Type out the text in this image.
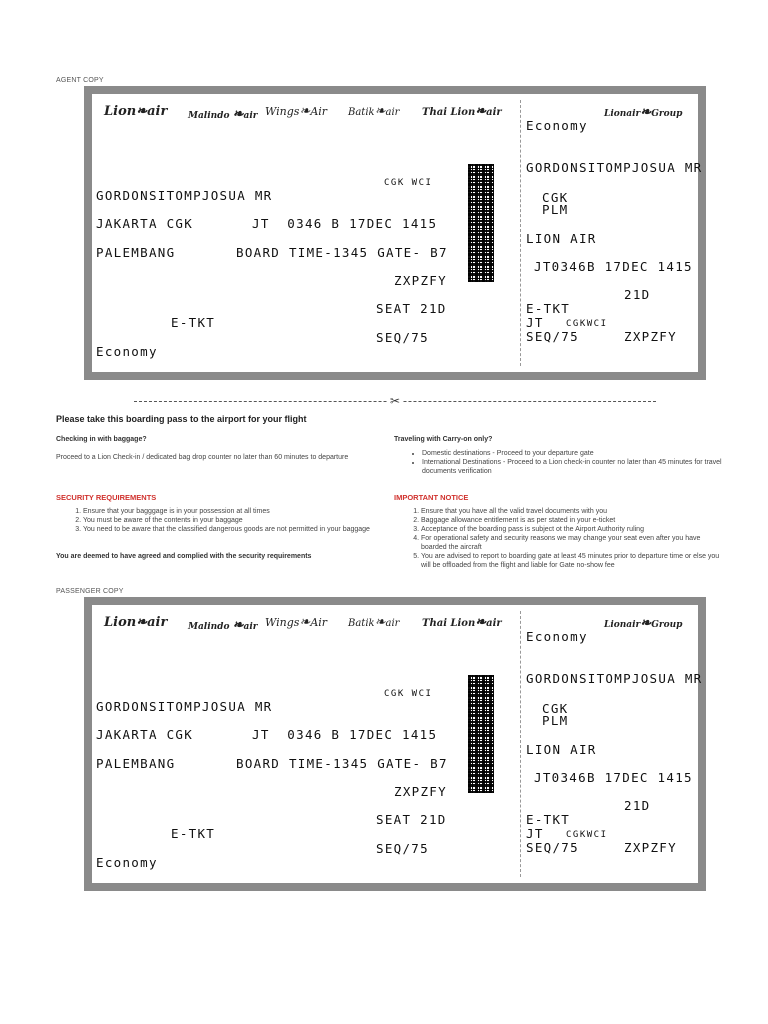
AGENT COPY
Lion❧air Malindo ❧air Wings❧Air Batik❧air Thai Lion❧air	Lionair❧Group
CGK WCI
GORDONSITOMPJOSUA MR
JAKARTA CGK	JT  0346 B 17DEC 1415
PALEMBANG	BOARD TIME-1345 GATE- B7
ZXPZFY
SEAT 21D
E-TKT
SEQ/75
Economy
Economy
GORDONSITOMPJOSUA MR
CGK
PLM
LION AIR
JT0346B 17DEC 1415
21D
E-TKT
JT CGKWCI
SEQ/75	ZXPZFY
✂
Please take this boarding pass to the airport for your flight
Checking in with baggage?
Proceed to a Lion Check-in / dedicated bag drop counter no later than 60 minutes to departure
Traveling with Carry-on only?
• Domestic destinations - Proceed to your departure gate
• International Destinations - Proceed to a Lion check-in counter no later than 45 minutes for travel documents verification
SECURITY REQUIREMENTS
1. Ensure that your bagggage is in your possession at all times
2. You must be aware of the contents in your baggage
3. You need to be aware that the classified dangerous goods are not permitted in your baggage
You are deemed to have agreed and complied with the security requirements
IMPORTANT NOTICE
1. Ensure that you have all the valid travel documents with you
2. Baggage allowance entitlement is as per stated in your e-ticket
3. Acceptance of the boarding pass is subject ot the Airport Authority ruling
4. For operational safety and security reasons we may change your seat even after you have boarded the aircraft
5. You are advised to report to boarding gate at least 45 minutes prior to departure time or else you will be offloaded from the flight and liable for Gate no-show fee
PASSENGER COPY
Lion❧air Malindo ❧air Wings❧Air Batik❧air Thai Lion❧air	Lionair❧Group
CGK WCI
GORDONSITOMPJOSUA MR
JAKARTA CGK	JT  0346 B 17DEC 1415
PALEMBANG	BOARD TIME-1345 GATE- B7
ZXPZFY
SEAT 21D
E-TKT
SEQ/75
Economy
Economy
GORDONSITOMPJOSUA MR
CGK
PLM
LION AIR
JT0346B 17DEC 1415
21D
E-TKT
JT CGKWCI
SEQ/75	ZXPZFY
